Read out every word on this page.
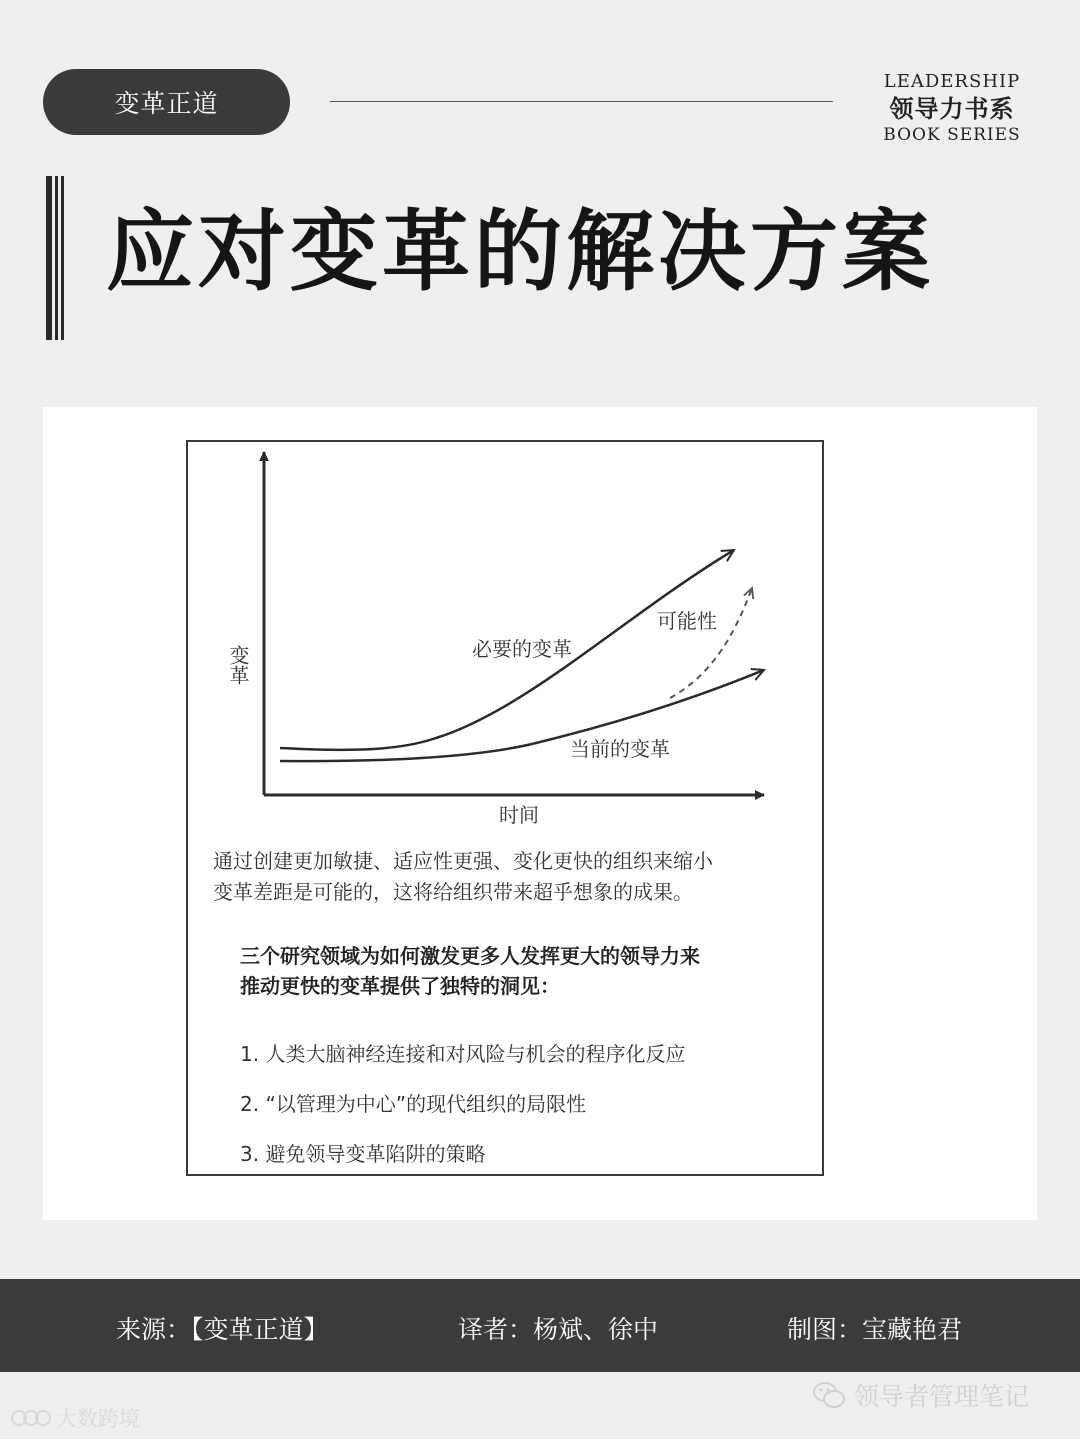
变革正道
LEADERSHIP
领导力书系
BOOK SERIES
应对变革的解决方案
变革
时间
必要的变革
当前的变革
可能性
通过创建更加敏捷、适应性更强、变化更快的组织来缩小
变革差距是可能的，这将给组织带来超乎想象的成果。
三个研究领域为如何激发更多人发挥更大的领导力来
推动更快的变革提供了独特的洞见：
1. 人类大脑神经连接和对风险与机会的程序化反应
2. “以管理为中心”的现代组织的局限性
3. 避免领导变革陷阱的策略
来源：【变革正道】	译者：杨斌、徐中	制图：宝藏艳君
大数跨境
领导者管理笔记
